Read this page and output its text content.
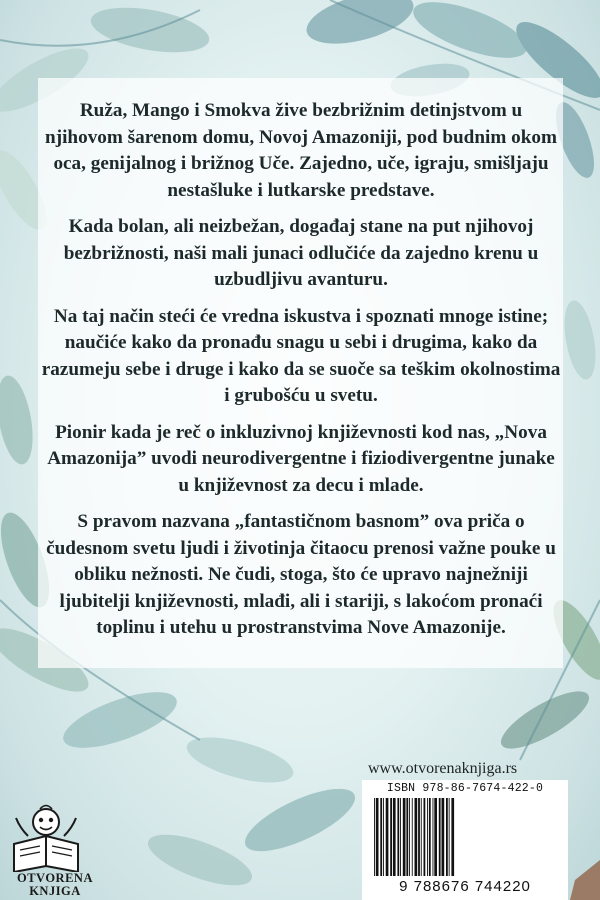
Ruža, Mango i Smokva žive bezbrižnim detinjstvom u njihovom šarenom domu, Novoj Amazoniji, pod budnim okom oca, genijalnog i brižnog Uče. Zajedno, uče, igraju, smišljaju nestašluke i lutkarske predstave.

Kada bolan, ali neizbežan, događaj stane na put njihovoj bezbrižnosti, naši mali junaci odlučiće da zajedno krenu u uzbudljivu avanturu.

Na taj način steći će vredna iskustva i spoznati mnoge istine; naučiće kako da pronađu snagu u sebi i drugima, kako da razumeju sebe i druge i kako da se suoče sa teškim okolnostima i grubošću u svetu.

Pionir kada je reč o inkluzivnoj književnosti kod nas, „Nova Amazonija” uvodi neurodivergentne i fiziodivergentne junake u književnost za decu i mlade.

S pravom nazvana „fantastičnom basnom” ova priča o čudesnom svetu ljudi i životinja čitaocu prenosi važne pouke u obliku nežnosti. Ne čudi, stoga, što će upravo najnežniji ljubitelji književnosti, mlađi, ali i stariji, s lakoćom pronaći toplinu i utehu u prostranstvima Nove Amazonije.

www.otvorenaknjiga.rs
ISBN 978-86-7674-422-0
9 788676 744220
OTVORENA
KNJIGA
